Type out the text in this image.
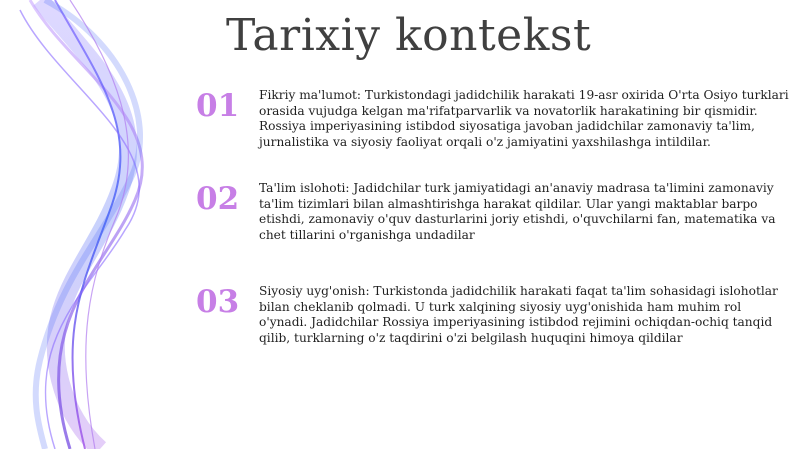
Tarixiy kontekst
01	Fikriy ma'lumot: Turkistondagi jadidchilik harakati 19-asr oxirida O'rta Osiyo turklari orasida vujudga kelgan ma'rifatparvarlik va novatorlik harakatining bir qismidir. Rossiya imperiyasining istibdod siyosatiga javoban jadidchilar zamonaviy ta'lim, jurnalistika va siyosiy faoliyat orqali o'z jamiyatini yaxshilashga intildilar.
02	Ta'lim islohoti: Jadidchilar turk jamiyatidagi an'anaviy madrasa ta'limini zamonaviy ta'lim tizimlari bilan almashtirishga harakat qildilar. Ular yangi maktablar barpo etishdi, zamonaviy o'quv dasturlarini joriy etishdi, o'quvchilarni fan, matematika va chet tillarini o'rganishga undadilar
03	Siyosiy uyg'onish: Turkistonda jadidchilik harakati faqat ta'lim sohasidagi islohotlar bilan cheklanib qolmadi. U turk xalqining siyosiy uyg'onishida ham muhim rol o'ynadi. Jadidchilar Rossiya imperiyasining istibdod rejimini ochiqdan-ochiq tanqid qilib, turklarning o'z taqdirini o'zi belgilash huquqini himoya qildilar
